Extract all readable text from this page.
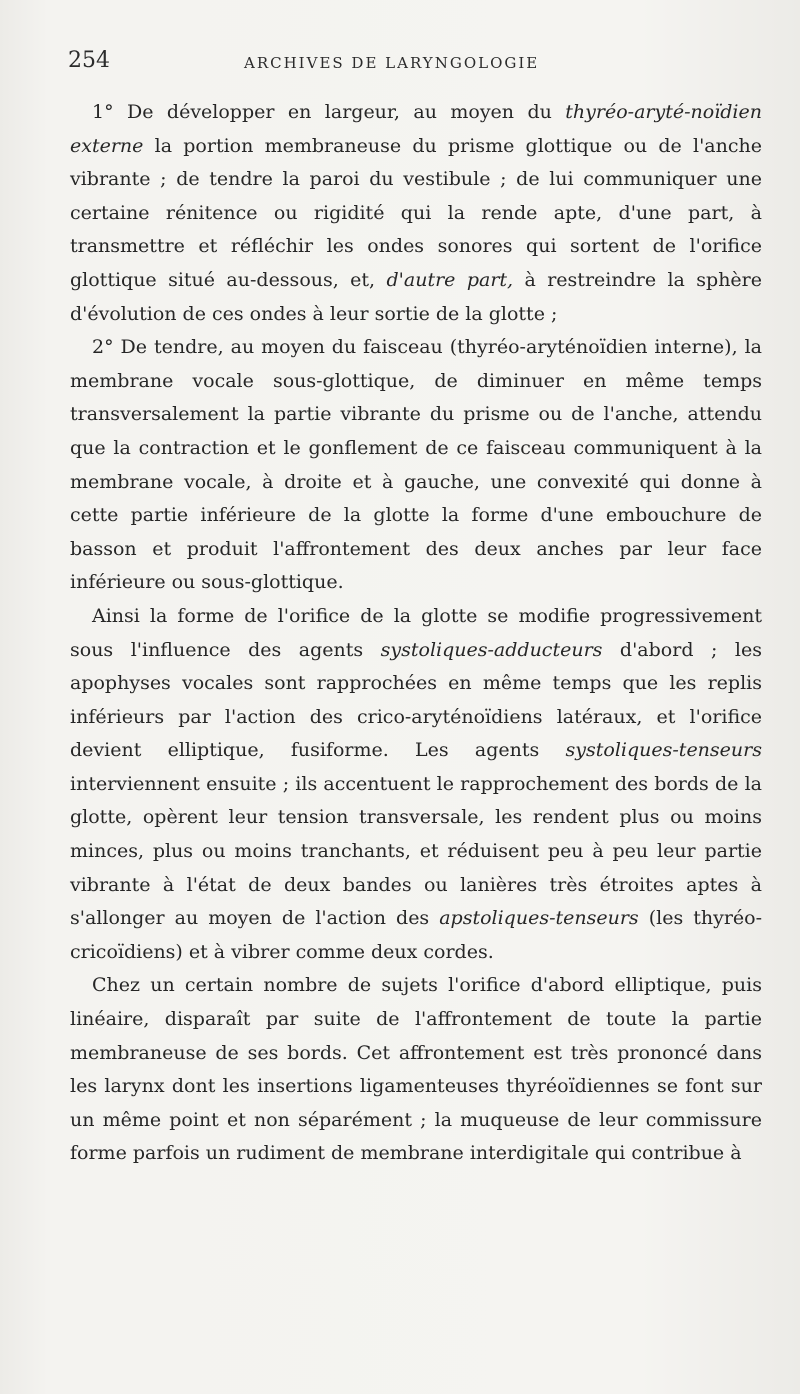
254	ARCHIVES DE LARYNGOLOGIE

1° De développer en largeur, au moyen du thyréo-aryté-noïdien externe la portion membraneuse du prisme glottique ou de l'anche vibrante ; de tendre la paroi du vestibule ; de lui communiquer une certaine rénitence ou rigidité qui la rende apte, d'une part, à transmettre et réfléchir les ondes sonores qui sortent de l'orifice glottique situé au-dessous, et, d'autre part, à restreindre la sphère d'évolution de ces ondes à leur sortie de la glotte ;

2° De tendre, au moyen du faisceau (thyréo-aryténoïdien interne), la membrane vocale sous-glottique, de diminuer en même temps transversalement la partie vibrante du prisme ou de l'anche, attendu que la contraction et le gonflement de ce faisceau communiquent à la membrane vocale, à droite et à gauche, une convexité qui donne à cette partie inférieure de la glotte la forme d'une embouchure de basson et produit l'affrontement des deux anches par leur face inférieure ou sous-glottique.

Ainsi la forme de l'orifice de la glotte se modifie progressivement sous l'influence des agents systoliques-adducteurs d'abord ; les apophyses vocales sont rapprochées en même temps que les replis inférieurs par l'action des crico-aryténoïdiens latéraux, et l'orifice devient elliptique, fusiforme. Les agents systoliques-tenseurs interviennent ensuite ; ils accentuent le rapprochement des bords de la glotte, opèrent leur tension transversale, les rendent plus ou moins minces, plus ou moins tranchants, et réduisent peu à peu leur partie vibrante à l'état de deux bandes ou lanières très étroites aptes à s'allonger au moyen de l'action des apstoliques-tenseurs (les thyréo-cricoïdiens) et à vibrer comme deux cordes.

Chez un certain nombre de sujets l'orifice d'abord elliptique, puis linéaire, disparaît par suite de l'affrontement de toute la partie membraneuse de ses bords. Cet affrontement est très prononcé dans les larynx dont les insertions ligamenteuses thyréoïdiennes se font sur un même point et non séparément ; la muqueuse de leur commissure forme parfois un rudiment de membrane interdigitale qui contribue à
